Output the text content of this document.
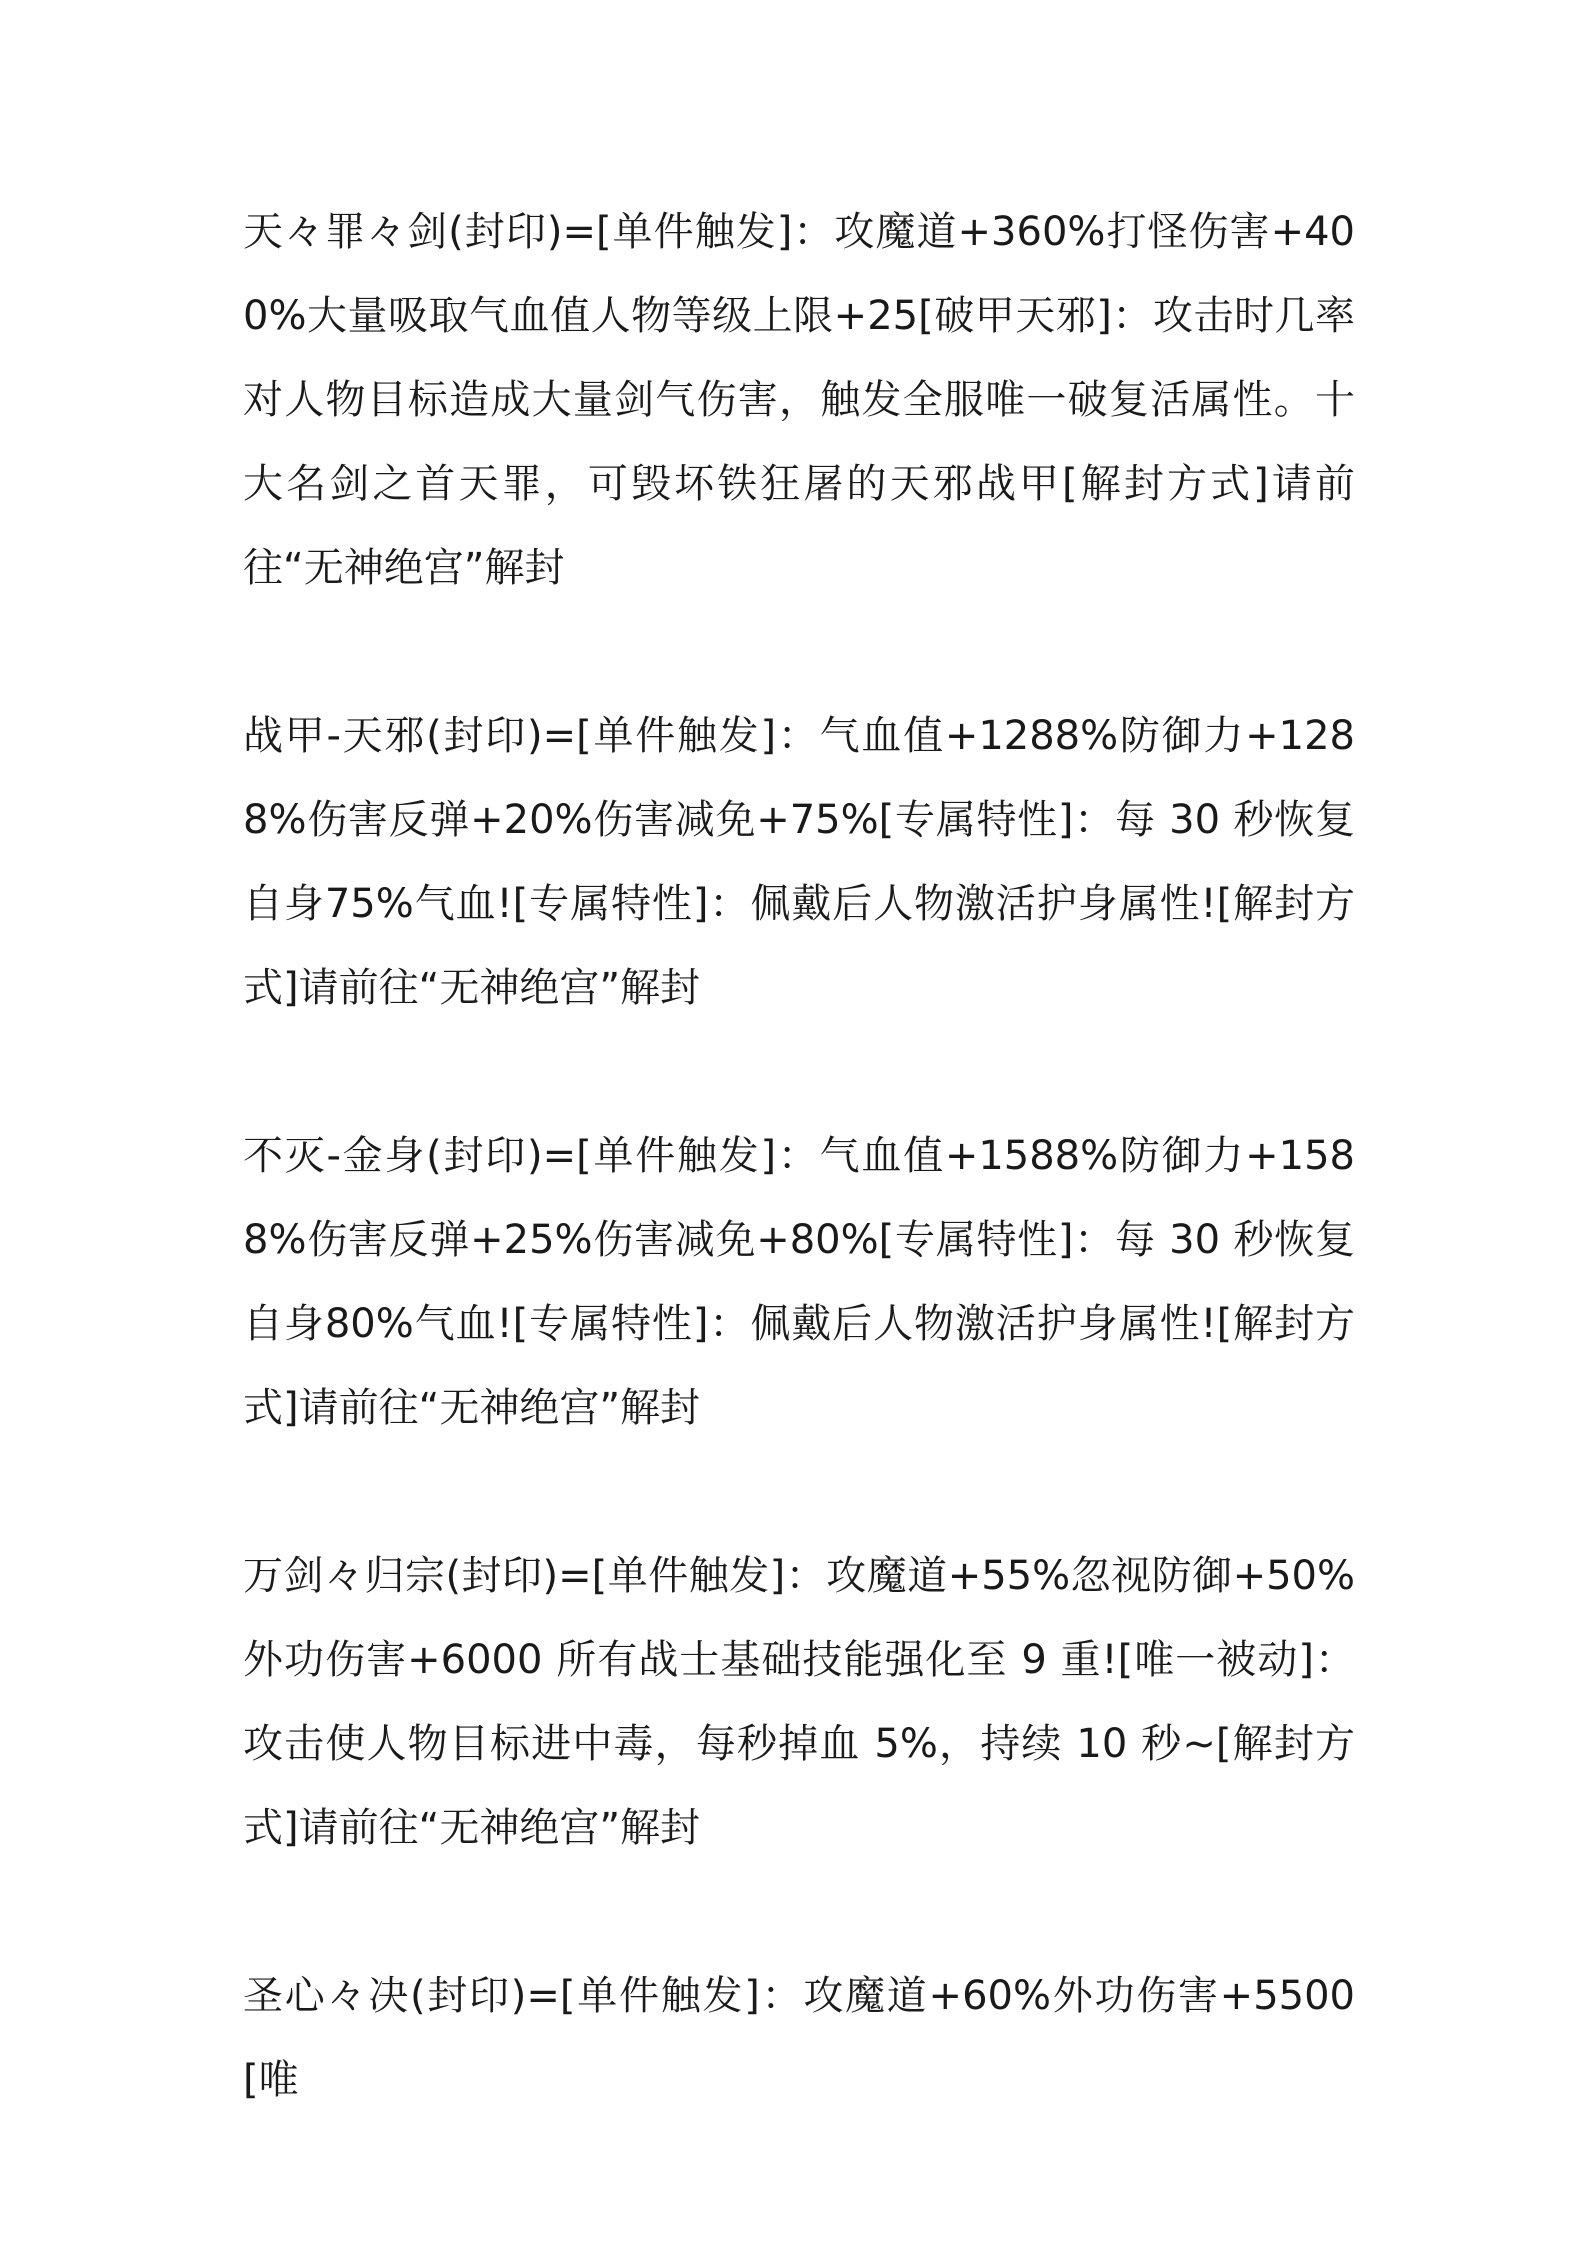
天々罪々剑(封印)=[单件触发]：攻魔道+360%打怪伤害+400%大量吸取气血值人物等级上限+25[破甲天邪]：攻击时几率对人物目标造成大量剑气伤害，触发全服唯一破复活属性。十大名剑之首天罪，可毁坏铁狂屠的天邪战甲[解封方式]请前往“无神绝宫”解封

战甲-天邪(封印)=[单件触发]：气血值+1288%防御力+1288%伤害反弹+20%伤害减免+75%[专属特性]：每 30 秒恢复自身75%气血![专属特性]：佩戴后人物激活护身属性![解封方式]请前往“无神绝宫”解封

不灭-金身(封印)=[单件触发]：气血值+1588%防御力+1588%伤害反弹+25%伤害减免+80%[专属特性]：每 30 秒恢复自身80%气血![专属特性]：佩戴后人物激活护身属性![解封方式]请前往“无神绝宫”解封

万剑々归宗(封印)=[单件触发]：攻魔道+55%忽视防御+50%外功伤害+6000 所有战士基础技能强化至 9 重![唯一被动]：攻击使人物目标进中毒，每秒掉血 5%，持续 10 秒~[解封方式]请前往“无神绝宫”解封

圣心々决(封印)=[单件触发]：攻魔道+60%外功伤害+5500[唯
